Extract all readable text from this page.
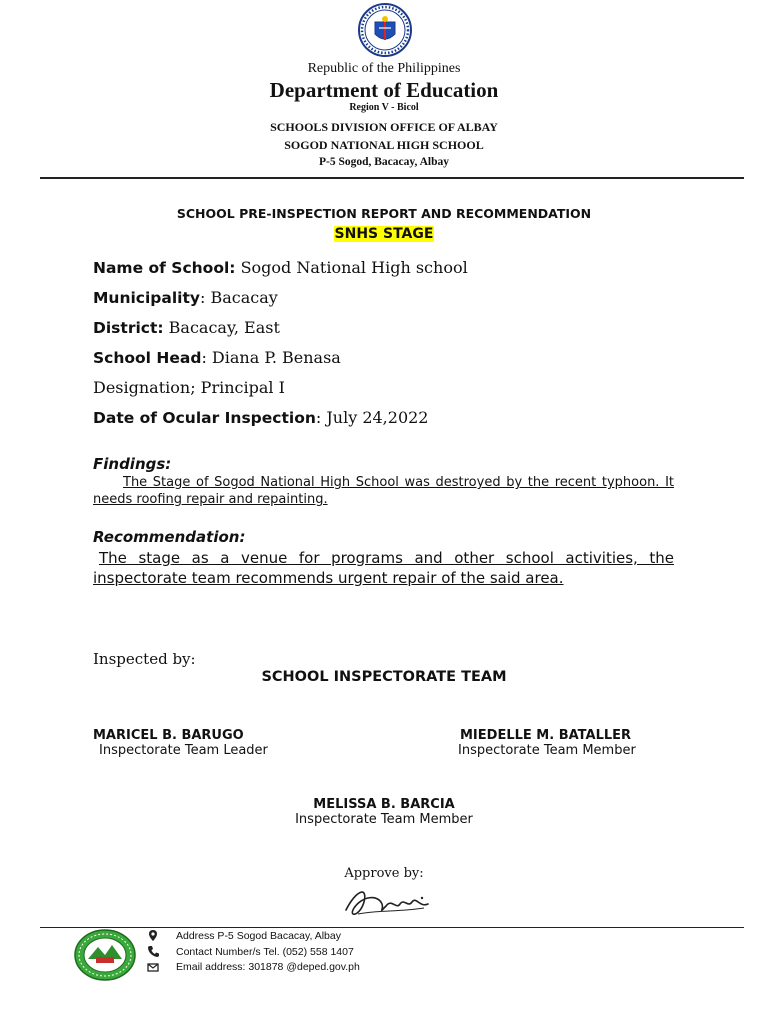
Republic of the Philippines
Department of Education
Region V - Bicol
SCHOOLS DIVISION OFFICE OF ALBAY
SOGOD NATIONAL HIGH SCHOOL
P-5 Sogod, Bacacay, Albay
SCHOOL PRE-INSPECTION REPORT AND RECOMMENDATION
SNHS STAGE
Name of School: Sogod National High school
Municipality: Bacacay
District: Bacacay, East
School Head: Diana P. Benasa
Designation; Principal I
Date of Ocular Inspection: July 24,2022
Findings:
The Stage of Sogod National High School was destroyed by the recent typhoon. It needs roofing repair and repainting.
Recommendation:
The stage as a venue for programs and other school activities, the inspectorate team recommends urgent repair of the said area.
Inspected by:
SCHOOL INSPECTORATE TEAM
MARICEL B. BARUGO
Inspectorate Team Leader
MIEDELLE M. BATALLER
Inspectorate Team Member
MELISSA B. BARCIA
Inspectorate Team Member
Approve by:
Address P-5 Sogod Bacacay, Albay
Contact Number/s Tel. (052) 558 1407
Email address: 301878 @deped.gov.ph
